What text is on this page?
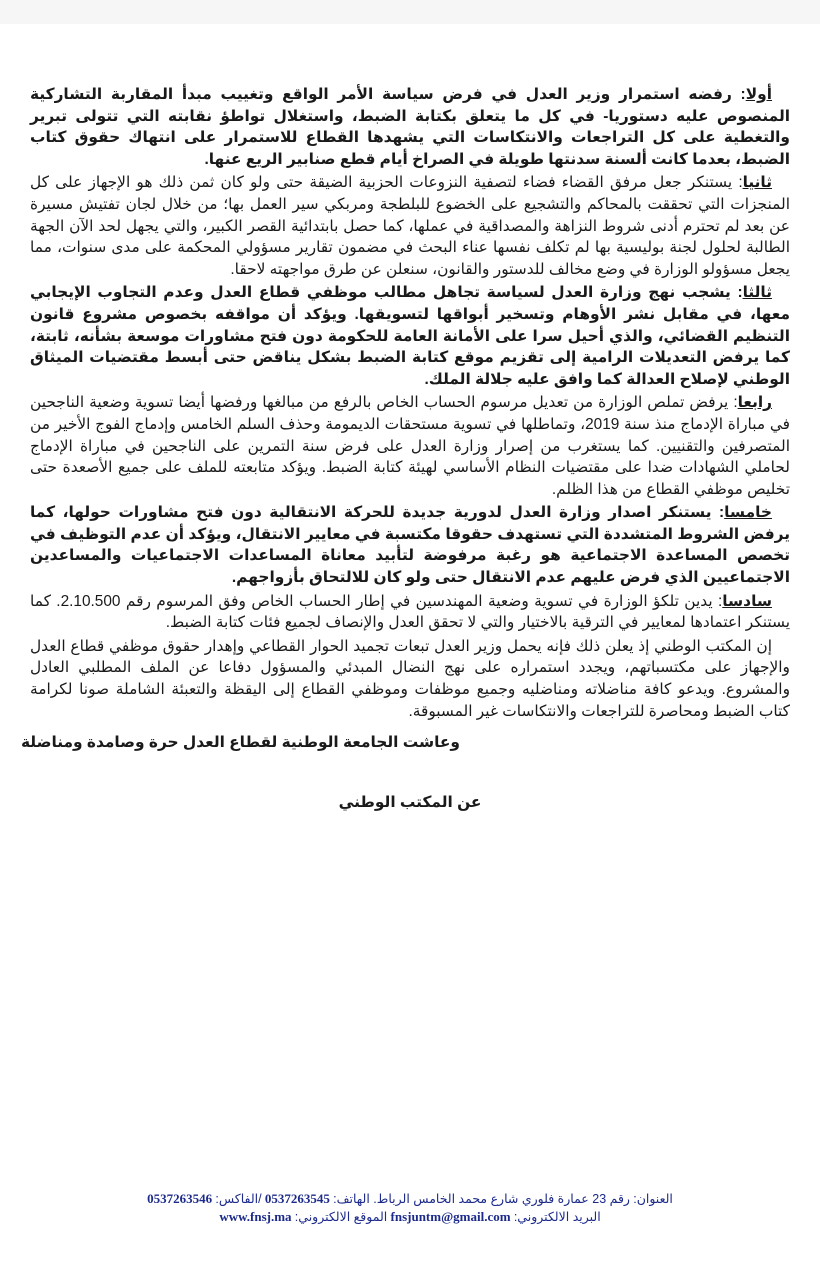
أولا: رفضه استمرار وزير العدل في فرض سياسة الأمر الواقع وتغييب مبدأ المقاربة التشاركية المنصوص عليه دستوريا- في كل ما يتعلق بكتابة الضبط، واستغلال تواطؤ نقابته التي تتولى تبرير والتغطية على كل التراجعات والانتكاسات التي يشهدها القطاع للاستمرار على انتهاك حقوق كتاب الضبط، بعدما كانت ألسنة سدنتها طويلة في الصراخ أيام قطع صنابير الريع عنها.

ثانيا: يستنكر جعل مرفق القضاء فضاء لتصفية النزوعات الحزبية الضيقة حتى ولو كان ثمن ذلك هو الإجهاز على كل المنجزات التي تحققت بالمحاكم والتشجيع على الخضوع للبلطجة ومربكي سير العمل بها؛ من خلال لجان تفتيش مسيرة عن بعد لم تحترم أدنى شروط النزاهة والمصداقية في عملها، كما حصل بابتدائية القصر الكبير، والتي يجهل لحد الآن الجهة الطالبة لحلول لجنة بوليسية بها لم تكلف نفسها عناء البحث في مضمون تقارير مسؤولي المحكمة على مدى سنوات، مما يجعل مسؤولو الوزارة في وضع مخالف للدستور والقانون، سنعلن عن طرق مواجهته لاحقا.

ثالثا: يشجب نهج وزارة العدل لسياسة تجاهل مطالب موظفي قطاع العدل وعدم التجاوب الإيجابي معها، في مقابل نشر الأوهام وتسخير أبواقها لتسويقها. ويؤكد أن مواقفه بخصوص مشروع قانون التنظيم القضائي، والذي أحيل سرا على الأمانة العامة للحكومة دون فتح مشاورات موسعة بشأنه، ثابتة، كما يرفض التعديلات الرامية إلى تقزيم موقع كتابة الضبط بشكل يناقض حتى أبسط مقتضيات الميثاق الوطني لإصلاح العدالة كما وافق عليه جلالة الملك.

رابعا: يرفض تملص الوزارة من تعديل مرسوم الحساب الخاص بالرفع من مبالغها ورفضها أيضا تسوية وضعية الناجحين في مباراة الإدماج منذ سنة 2019، وتماطلها في تسوية مستحقات الديمومة وحذف السلم الخامس وإدماج الفوج الأخير من المتصرفين والتقنيين. كما يستغرب من إصرار وزارة العدل على فرض سنة التمرين على الناجحين في مباراة الإدماج لحاملي الشهادات ضدا على مقتضيات النظام الأساسي لهيئة كتابة الضبط. ويؤكد متابعته للملف على جميع الأصعدة حتى تخليص موظفي القطاع من هذا الظلم.

خامسا: يستنكر اصدار وزارة العدل لدورية جديدة للحركة الانتقالية دون فتح مشاورات حولها، كما يرفض الشروط المتشددة التي تستهدف حقوقا مكتسبة في معايير الانتقال، ويؤكد أن عدم التوظيف في تخصص المساعدة الاجتماعية هو رغبة مرفوضة لتأبيد معاناة المساعدات الاجتماعيات والمساعدين الاجتماعيين الذي فرض عليهم عدم الانتقال حتى ولو كان للالتحاق بأزواجهم.

سادسا: يدين تلكؤ الوزارة في تسوية وضعية المهندسين في إطار الحساب الخاص وفق المرسوم رقم 2.10.500. كما يستنكر اعتمادها لمعايير في الترقية بالاختيار والتي لا تحقق العدل والإنصاف لجميع فئات كتابة الضبط.

إن المكتب الوطني إذ يعلن ذلك فإنه يحمل وزير العدل تبعات تجميد الحوار القطاعي وإهدار حقوق موظفي قطاع العدل والإجهاز على مكتسباتهم، ويجدد استمراره على نهج النضال المبدئي والمسؤول دفاعا عن الملف المطلبي العادل والمشروع. ويدعو كافة مناضلاته ومناضليه وجميع موظفات وموظفي القطاع إلى اليقظة والتعبئة الشاملة صونا لكرامة كتاب الضبط ومحاصرة للتراجعات والانتكاسات غير المسبوقة.

وعاشت الجامعة الوطنية لقطاع العدل حرة وصامدة ومناضلة

عن المكتب الوطني

العنوان: رقم 23 عمارة فلوري شارع محمد الخامس الرباط. الهاتف: 0537263545 /الفاكس: 0537263546
البريد الالكتروني: fnsjuntm@gmail.com الموقع الالكتروني: www.fnsj.ma
